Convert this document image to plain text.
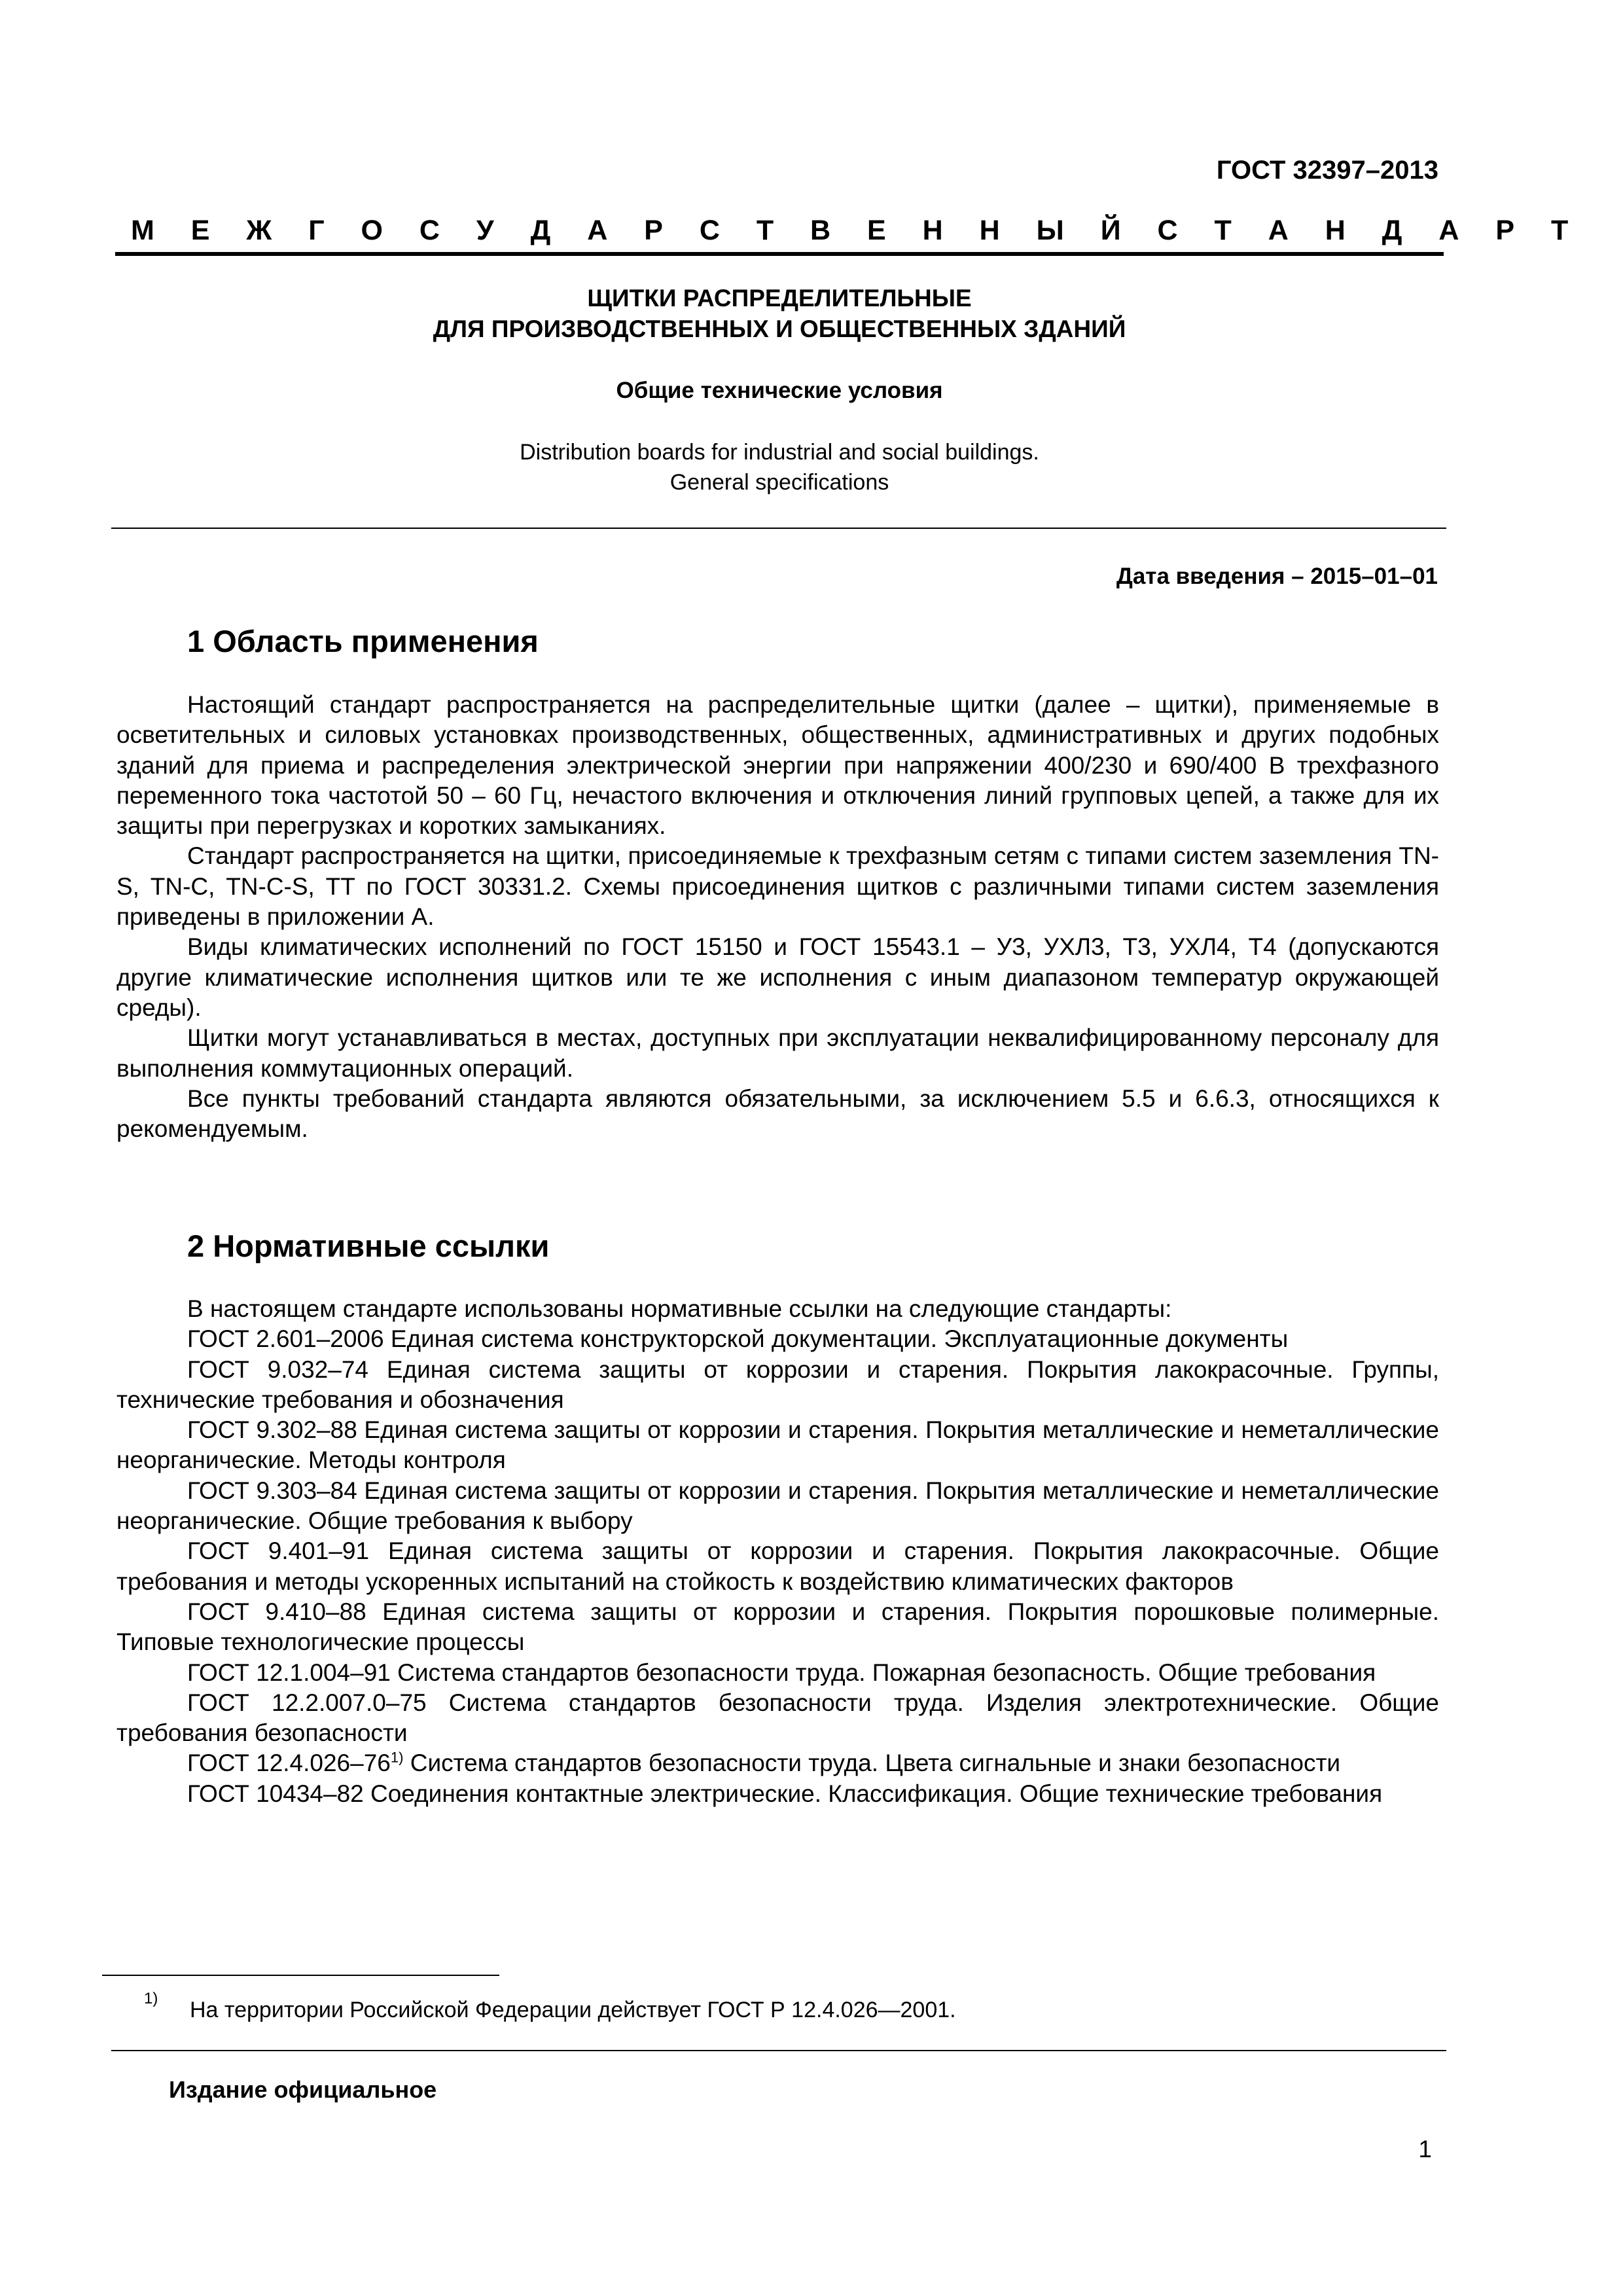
ГОСТ 32397–2013
М Е Ж Г О С У Д А Р С Т В Е Н Н Ы Й С Т А Н Д А Р Т
ЩИТКИ РАСПРЕДЕЛИТЕЛЬНЫЕ
ДЛЯ ПРОИЗВОДСТВЕННЫХ И ОБЩЕСТВЕННЫХ ЗДАНИЙ
Общие технические условия
Distribution boards for industrial and social buildings.
General specifications
Дата введения – 2015–01–01
1 Область применения

Настоящий стандарт распространяется на распределительные щитки (далее – щитки), применяемые в осветительных и силовых установках производственных, общественных, административных и других подобных зданий для приема и распределения электрической энергии при напряжении 400/230 и 690/400 В трехфазного переменного тока частотой 50 – 60 Гц, нечастого включения и отключения линий групповых цепей, а также для их защиты при перегрузках и коротких замыканиях.

Стандарт распространяется на щитки, присоединяемые к трехфазным сетям с типами систем заземления TN-S, TN-C, TN-C-S, TT по ГОСТ 30331.2. Схемы присоединения щитков с различными типами систем заземления приведены в приложении А.

Виды климатических исполнений по ГОСТ 15150 и ГОСТ 15543.1 – У3, УХЛ3, Т3, УХЛ4, Т4 (допускаются другие климатические исполнения щитков или те же исполнения с иным диапазоном температур окружающей среды).

Щитки могут устанавливаться в местах, доступных при эксплуатации неквалифицированному персоналу для выполнения коммутационных операций.

Все пункты требований стандарта являются обязательными, за исключением 5.5 и 6.6.3, относящихся к рекомендуемым.

2 Нормативные ссылки

В настоящем стандарте использованы нормативные ссылки на следующие стандарты:

ГОСТ 2.601–2006 Единая система конструкторской документации. Эксплуатационные документы

ГОСТ 9.032–74 Единая система защиты от коррозии и старения. Покрытия лакокрасочные. Группы, технические требования и обозначения

ГОСТ 9.302–88 Единая система защиты от коррозии и старения. Покрытия металлические и неметаллические неорганические. Методы контроля

ГОСТ 9.303–84 Единая система защиты от коррозии и старения. Покрытия металлические и неметаллические неорганические. Общие требования к выбору

ГОСТ 9.401–91 Единая система защиты от коррозии и старения. Покрытия лакокрасочные. Общие требования и методы ускоренных испытаний на стойкость к воздействию климатических факторов

ГОСТ 9.410–88 Единая система защиты от коррозии и старения. Покрытия порошковые полимерные. Типовые технологические процессы

ГОСТ 12.1.004–91 Система стандартов безопасности труда. Пожарная безопасность. Общие требования

ГОСТ 12.2.007.0–75 Система стандартов безопасности труда. Изделия электротехнические. Общие требования безопасности

ГОСТ 12.4.026–76$^{1)}$ Система стандартов безопасности труда. Цвета сигнальные и знаки безопасности

ГОСТ 10434–82 Соединения контактные электрические. Классификация. Общие технические требования

1) На территории Российской Федерации действует ГОСТ Р 12.4.026—2001.
Издание официальное
1
